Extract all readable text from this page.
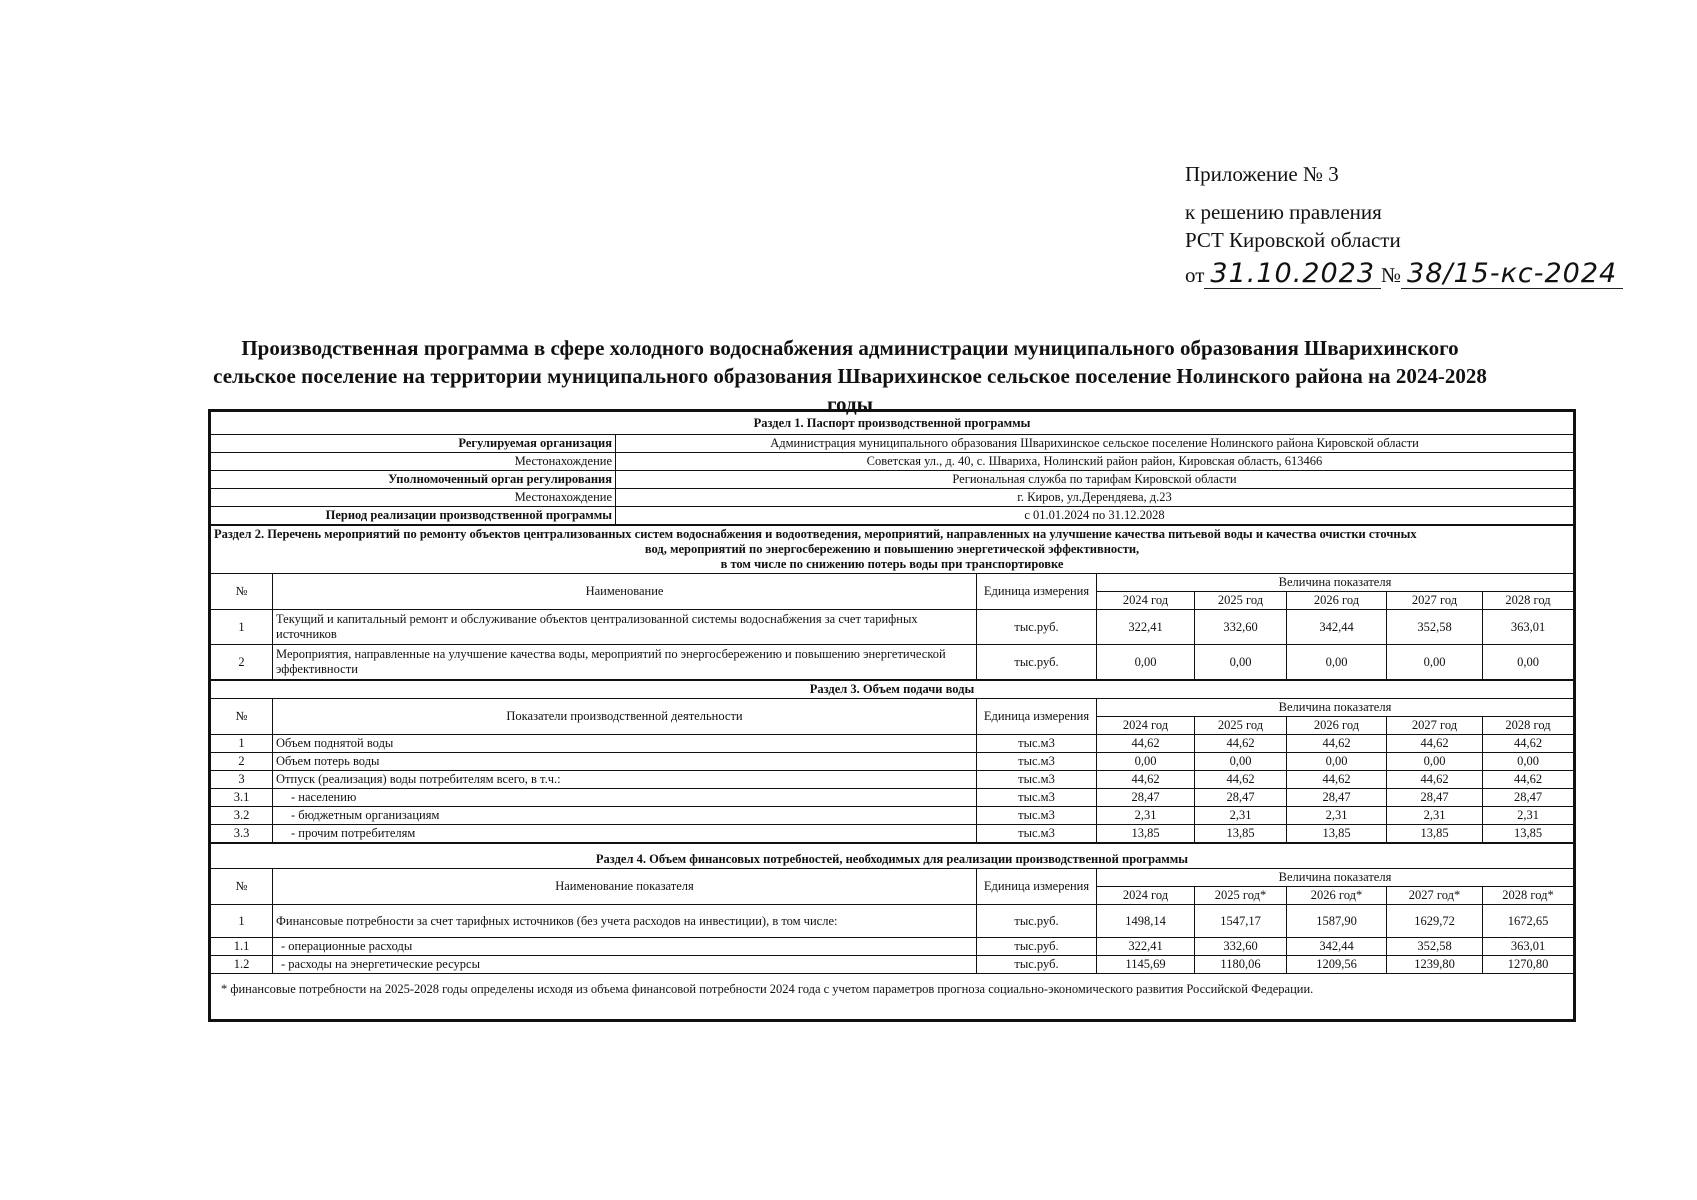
Приложение № 3
к решению правления
РСТ Кировской области
от 31.10.2023 № 38/15-кс-2024
Производственная программа в сфере холодного водоснабжения администрации муниципального образования Шварихинского сельское поселение на территории муниципального образования Шварихинское сельское поселение Нолинского района на 2024-2028 годы
Раздел 1. Паспорт производственной программы	
Регулируемая организация	Администрация муниципального образования Шварихинское сельское поселение Нолинского района Кировской области
Местонахождение	Советская ул., д. 40, с. Шварихa, Нолинский район район, Кировская область, 613466
Уполномоченный орган регулирования	Региональная служба по тарифам Кировской области
Местонахождение	г. Киров, ул.Дерендяева, д.23
Период реализации производственной программы	с 01.01.2024 по 31.12.2028
Раздел 2. Перечень мероприятий по ремонту объектов централизованных систем водоснабжения и водоотведения, мероприятий, направленных на улучшение качества питьевой воды и качества очистки сточных
вод, мероприятий по энергосбережению и повышению энергетической эффективности,
в том числе по снижению потерь воды при транспортировке							

№	Наименование	Единица измерения	Величина показателя				
			2024 год	2025 год	2026 год	2027 год	2028 год
1	Текущий и капитальный ремонт и обслуживание объектов централизованной системы водоснабжения за счет тарифных источников	тыс.руб.	322,41	332,60	342,44	352,58	363,01
2	Мероприятия, направленные на улучшение качества воды, мероприятий по энергосбережению и повышению энергетической эффективности	тыс.руб.	0,00	0,00	0,00	0,00	0,00
Раздел 3. Объем подачи воды							
№	Показатели производственной деятельности	Единица измерения	Величина показателя				
			2024 год	2025 год	2026 год	2027 год	2028 год
1	Объем поднятой воды	тыс.м3	44,62	44,62	44,62	44,62	44,62
2	Объем потерь воды	тыс.м3	0,00	0,00	0,00	0,00	0,00
3	Отпуск (реализация) воды потребителям всего, в т.ч.:	тыс.м3	44,62	44,62	44,62	44,62	44,62
3.1	- населению	тыс.м3	28,47	28,47	28,47	28,47	28,47
3.2	- бюджетным организациям	тыс.м3	2,31	2,31	2,31	2,31	2,31
3.3	- прочим потребителям	тыс.м3	13,85	13,85	13,85	13,85	13,85
Раздел 4. Объем финансовых потребностей, необходимых для реализации производственной программы							
№	Наименование показателя	Единица измерения	Величина показателя				
			2024 год	2025 год*	2026 год*	2027 год*	2028 год*
1	Финансовые потребности за счет тарифных источников (без учета расходов на инвестиции), в том числе:	тыс.руб.	1498,14	1547,17	1587,90	1629,72	1672,65
1.1	- операционные расходы	тыс.руб.	322,41	332,60	342,44	352,58	363,01
1.2	- расходы на энергетические ресурсы	тыс.руб.	1145,69	1180,06	1209,56	1239,80	1270,80
* финансовые потребности на 2025-2028 годы определены исходя из объема финансовой потребности 2024 года с учетом параметров прогноза социально-экономического развития Российской Федерации.							
